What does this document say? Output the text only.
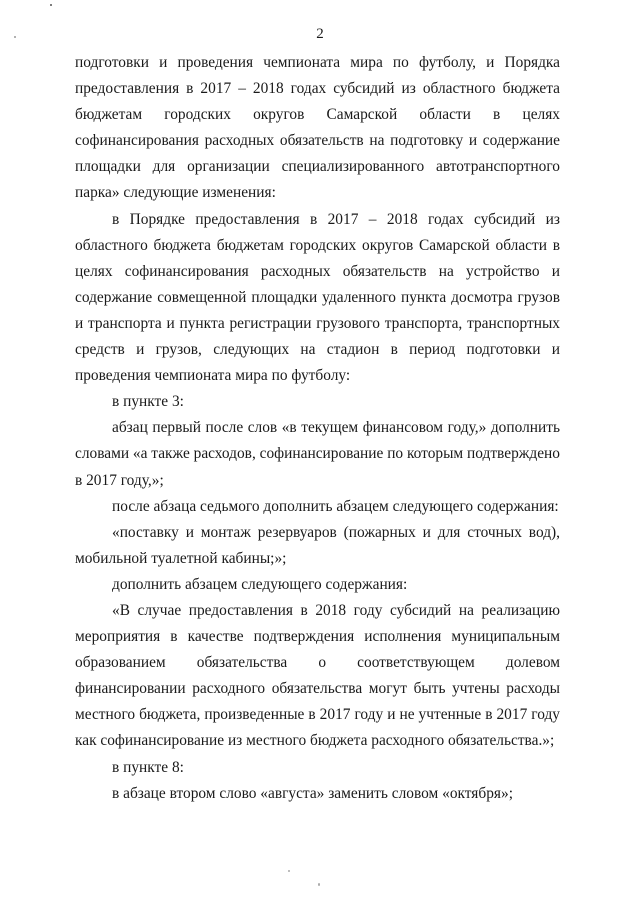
2

подготовки и проведения чемпионата мира по футболу, и Порядка предоставления в 2017 – 2018 годах субсидий из областного бюджета бюджетам городских округов Самарской области в целях софинансирования расходных обязательств на подготовку и содержание площадки для организации специализированного автотранспортного парка» следующие изменения:

в Порядке предоставления в 2017 – 2018 годах субсидий из областного бюджета бюджетам городских округов Самарской области в целях софинансирования расходных обязательств на устройство и содержание совмещенной площадки удаленного пункта досмотра грузов и транспорта и пункта регистрации грузового транспорта, транспортных средств и грузов, следующих на стадион в период подготовки и проведения чемпионата мира по футболу:

в пункте 3:

абзац первый после слов «в текущем финансовом году,» дополнить словами «а также расходов, софинансирование по которым подтверждено в 2017 году,»;

после абзаца седьмого дополнить абзацем следующего содержания:

«поставку и монтаж резервуаров (пожарных и для сточных вод), мобильной туалетной кабины;»;

дополнить абзацем следующего содержания:

«В случае предоставления в 2018 году субсидий на реализацию мероприятия в качестве подтверждения исполнения муниципальным образованием обязательства о соответствующем долевом финансировании расходного обязательства могут быть учтены расходы местного бюджета, произведенные в 2017 году и не учтенные в 2017 году как софинансирование из местного бюджета расходного обязательства.»;

в пункте 8:

в абзаце втором слово «августа» заменить словом «октября»;
